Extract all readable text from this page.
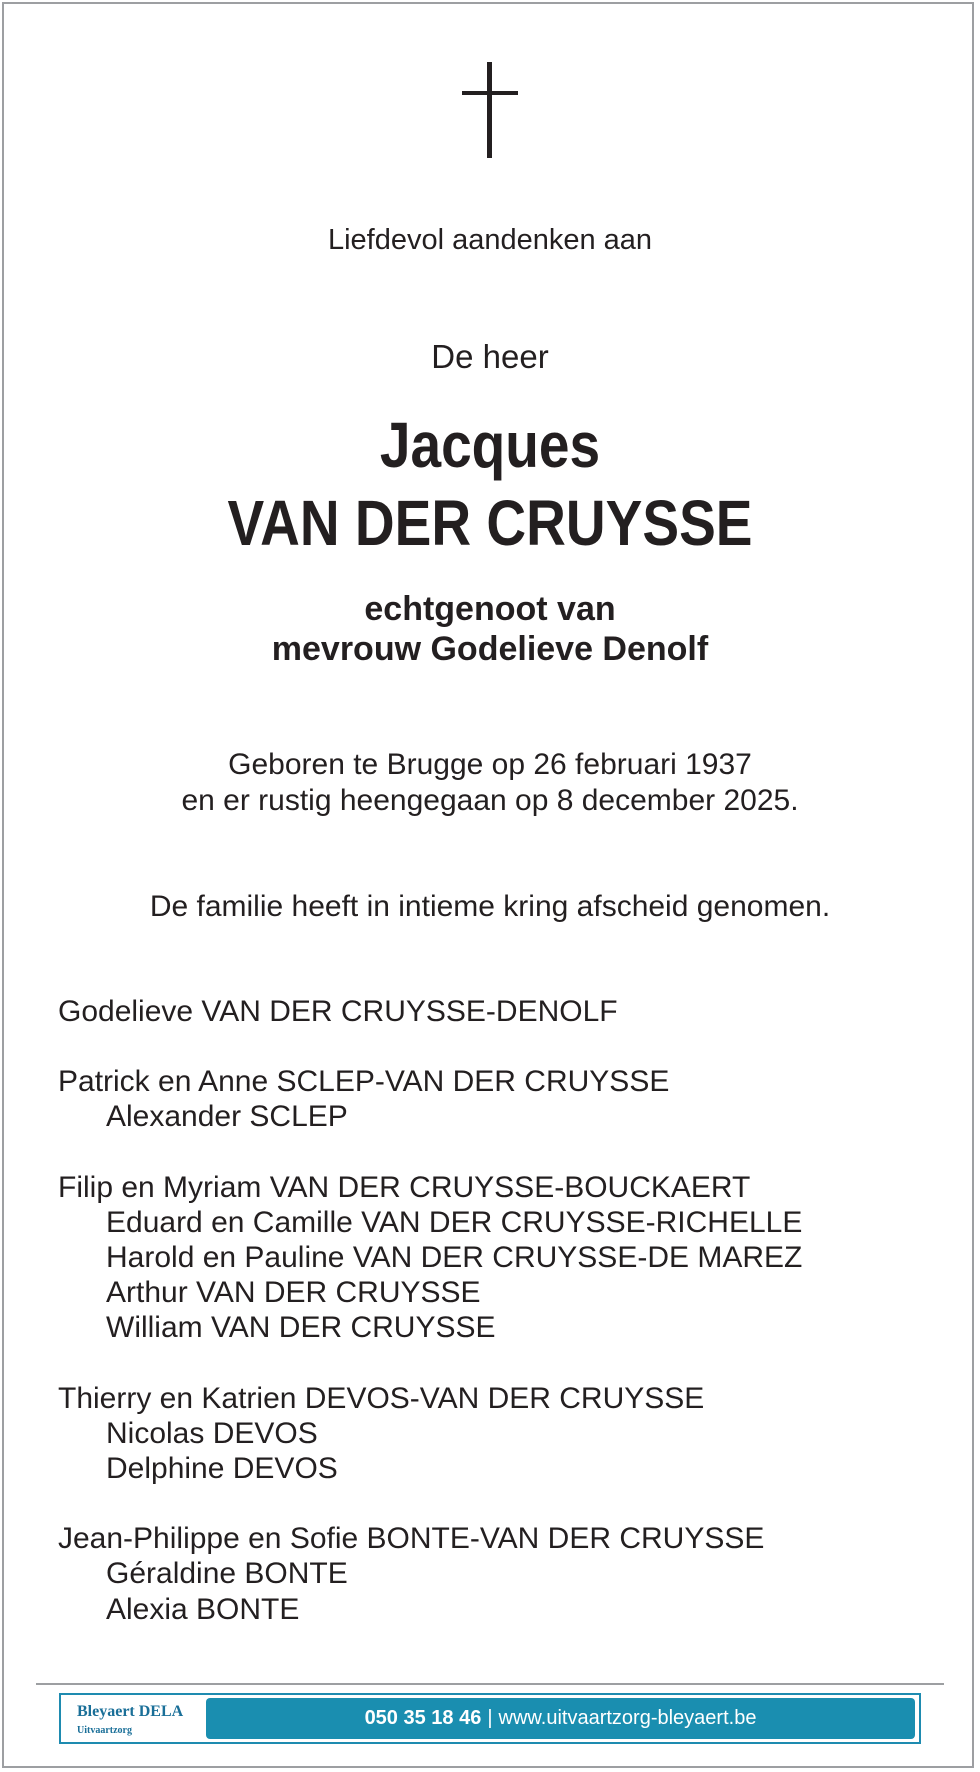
Liefdevol aandenken aan
De heer
Jacques
VAN DER CRUYSSE
echtgenoot van
mevrouw Godelieve Denolf
Geboren te Brugge op 26 februari 1937
en er rustig heengegaan op 8 december 2025.
De familie heeft in intieme kring afscheid genomen.
Godelieve VAN DER CRUYSSE-DENOLF
Patrick en Anne SCLEP-VAN DER CRUYSSE
Alexander SCLEP
Filip en Myriam VAN DER CRUYSSE-BOUCKAERT
Eduard en Camille VAN DER CRUYSSE-RICHELLE
Harold en Pauline VAN DER CRUYSSE-DE MAREZ
Arthur VAN DER CRUYSSE
William VAN DER CRUYSSE
Thierry en Katrien DEVOS-VAN DER CRUYSSE
Nicolas DEVOS
Delphine DEVOS
Jean-Philippe en Sofie BONTE-VAN DER CRUYSSE
Géraldine BONTE
Alexia BONTE
Bleyaert DELA
Uitvaartzorg
050 35 18 46 | www.uitvaartzorg-bleyaert.be
